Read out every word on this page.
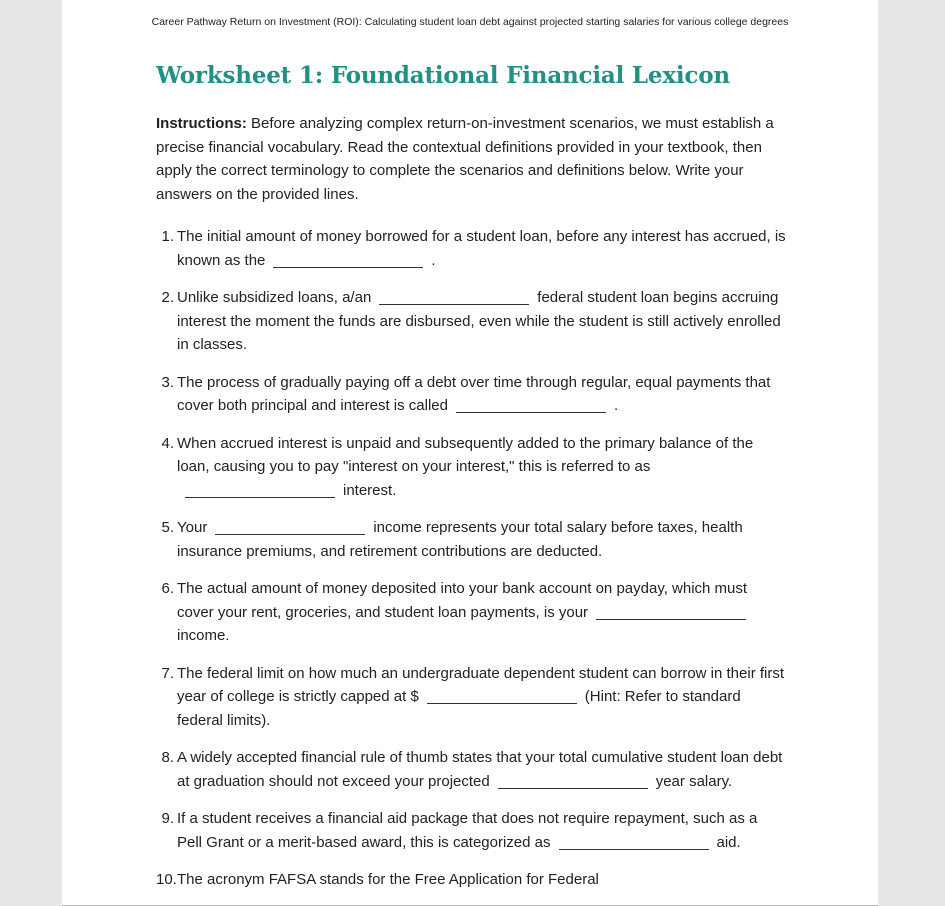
Career Pathway Return on Investment (ROI): Calculating student loan debt against projected starting salaries for various college degrees
Worksheet 1: Foundational Financial Lexicon

Instructions: Before analyzing complex return-on-investment scenarios, we must establish a precise financial vocabulary. Read the contextual definitions provided in your textbook, then apply the correct terminology to complete the scenarios and definitions below. Write your answers on the provided lines.

1. The initial amount of money borrowed for a student loan, before any interest has accrued, is known as the	.
2. Unlike subsidized loans, a/an	federal student loan begins accruing interest the moment the funds are disbursed, even while the student is still actively enrolled in classes.
3. The process of gradually paying off a debt over time through regular, equal payments that cover both principal and interest is called	.
4. When accrued interest is unpaid and subsequently added to the primary balance of the loan, causing you to pay "interest on your interest," this is referred to asinterest.
5. Your	income represents your total salary before taxes, health insurance premiums, and retirement contributions are deducted.
6. The actual amount of money deposited into your bank account on payday, which must cover your rent, groceries, and student loan payments, is yourincome.
7. The federal limit on how much an undergraduate dependent student can borrow in their first year of college is strictly capped at $	(Hint: Refer to standard federal limits).
8. A widely accepted financial rule of thumb states that your total cumulative student loan debt at graduation should not exceed your projected	year salary.
9. If a student receives a financial aid package that does not require repayment, such as a Pell Grant or a merit-based award, this is categorized as	aid.
10. The acronym FAFSA stands for the Free Application for Federal
